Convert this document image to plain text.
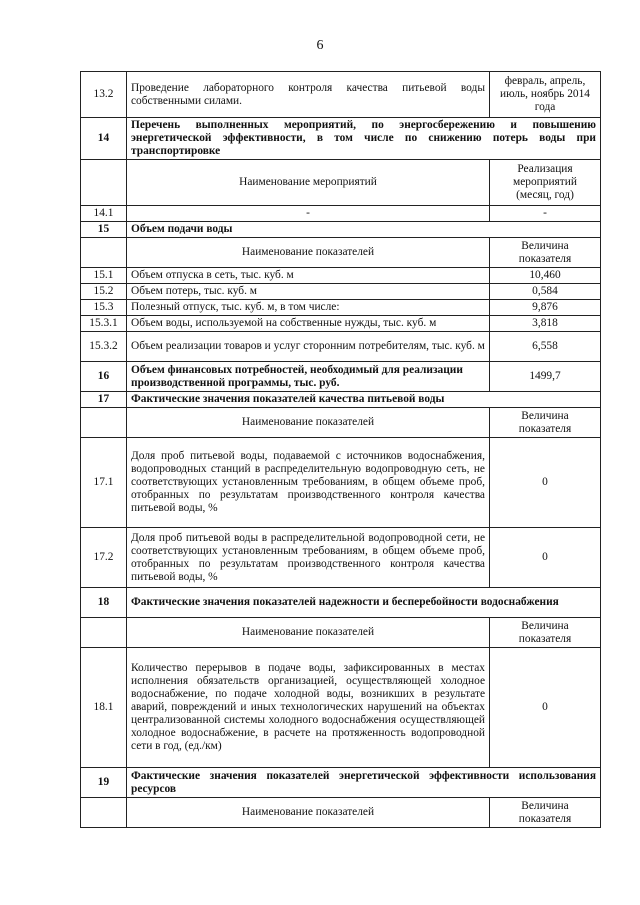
6
13.2	Проведение лабораторного контроля качества питьевой воды собственными силами.	февраль, апрель, июль, ноябрь 2014 года
14	Перечень выполненных мероприятий, по энергосбережению и повышению энергетической эффективности, в том числе по снижению потерь воды при транспортировке	
	Наименование мероприятий	Реализация мероприятий (месяц, год)
14.1	-	-
15	Объем подачи воды	
	Наименование показателей	Величина показателя
15.1	Объем отпуска в сеть, тыс. куб. м	10,460
15.2	Объем потерь, тыс. куб. м	0,584
15.3	Полезный отпуск, тыс. куб. м, в том числе:	9,876
15.3.1	Объем воды, используемой на собственные нужды, тыс. куб. м	3,818
15.3.2	Объем реализации товаров и услуг сторонним потребителям, тыс. куб. м	6,558
16	Объем финансовых потребностей, необходимый для реализации производственной программы, тыс. руб.	1499,7
17	Фактические значения показателей качества питьевой воды	
	Наименование показателей	Величина показателя
17.1	Доля проб питьевой воды, подаваемой с источников водоснабжения, водопроводных станций в распределительную водопроводную сеть, не соответствующих установленным требованиям, в общем объеме проб, отобранных по результатам производственного контроля качества питьевой воды, %	0
17.2	Доля проб питьевой воды в распределительной водопроводной сети, не соответствующих установленным требованиям, в общем объеме проб, отобранных по результатам производственного контроля качества питьевой воды, %	0
18	Фактические значения показателей надежности и бесперебойности водоснабжения	
	Наименование показателей	Величина показателя
18.1	Количество перерывов в подаче воды, зафиксированных в местах исполнения обязательств организацией, осуществляющей холодное водоснабжение, по подаче холодной воды, возникших в результате аварий, повреждений и иных технологических нарушений на объектах централизованной системы холодного водоснабжения осуществляющей холодное водоснабжение, в расчете на протяженность водопроводной сети в год, (ед./км)	0
19	Фактические значения показателей энергетической эффективности использования ресурсов	
	Наименование показателей	Величина показателя
